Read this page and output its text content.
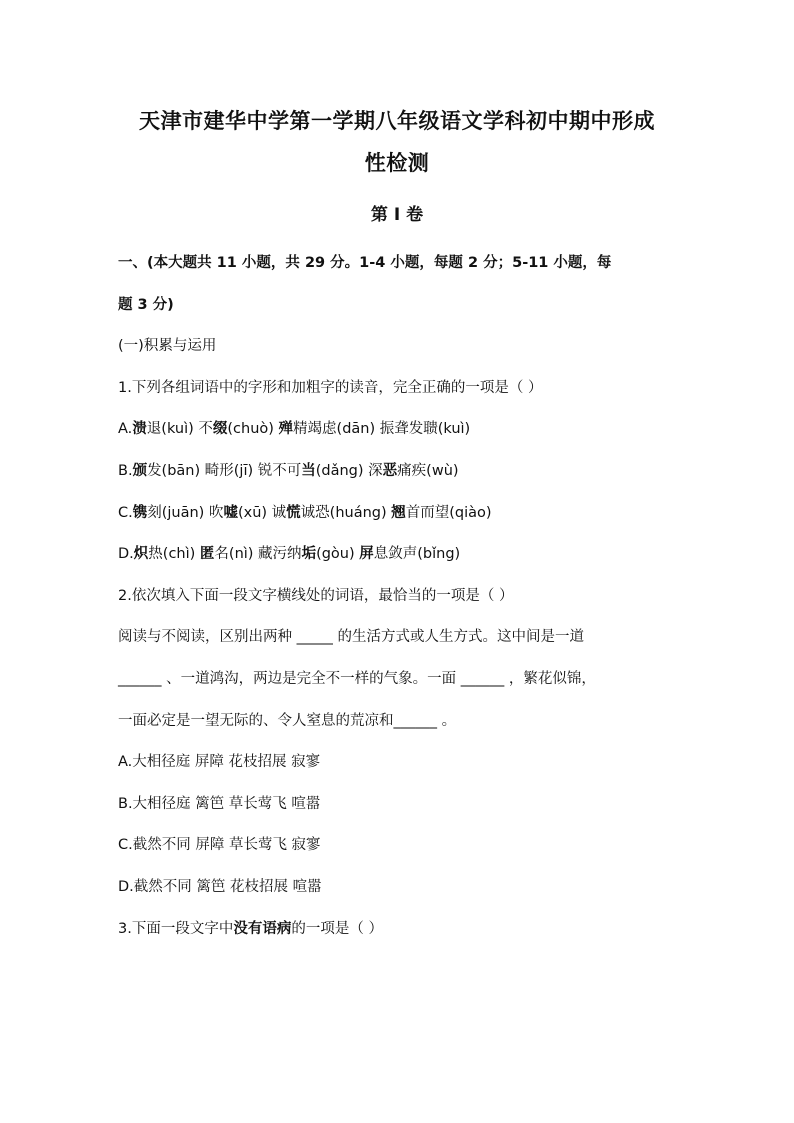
天津市建华中学第一学期八年级语文学科初中期中形成
性检测
第 I 卷
一、(本大题共 11 小题，共 29 分。1-4 小题，每题 2 分；5-11 小题，每
题 3 分)
(一)积累与运用
1.下列各组词语中的字形和加粗字的读音，完全正确的一项是（ ）
A.溃退(kuì) 不缀(chuò) 殚精竭虑(dān) 振聋发聩(kuì)
B.颁发(bān) 畸形(jī) 锐不可当(dǎng) 深恶痛疾(wù)
C.镌刻(juān) 吹嘘(xū) 诚慌诚恐(huáng) 翘首而望(qiào)
D.炽热(chì) 匿名(nì) 藏污纳垢(gòu) 屏息敛声(bǐng)
2.依次填入下面一段文字横线处的词语，最恰当的一项是（ ）
阅读与不阅读，区别出两种 _____ 的生活方式或人生方式。这中间是一道
______ 、一道鸿沟，两边是完全不一样的气象。一面 ______ ，繁花似锦，
一面必定是一望无际的、令人窒息的荒凉和______ 。
A.大相径庭 屏障 花枝招展 寂寥
B.大相径庭 篱笆 草长莺飞 喧嚣
C.截然不同 屏障 草长莺飞 寂寥
D.截然不同 篱笆 花枝招展 喧嚣
3.下面一段文字中没有语病的一项是（ ）
